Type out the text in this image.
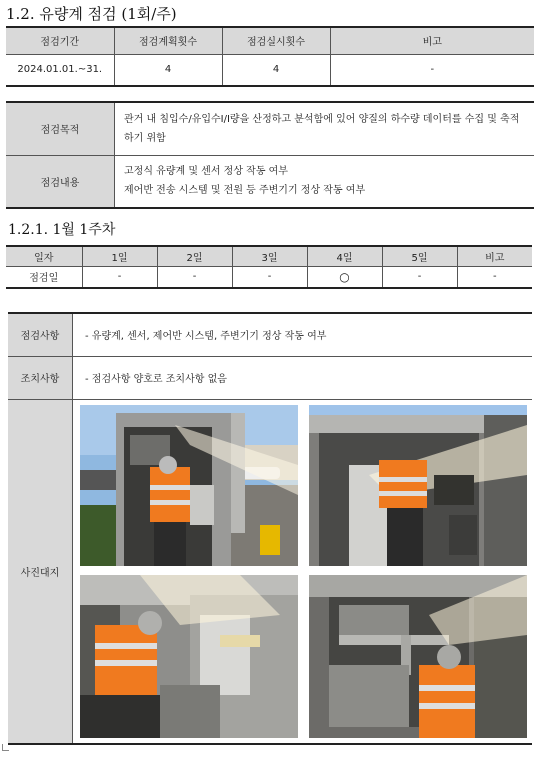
1.2. 유량계 점검 (1회/주)
점검기간	점검계획횟수	점검실시횟수	비고
2024.01.01.~31.	4	4	-
점검목적	관거 내 침입수/유입수I/I량을 산정하고 분석함에 있어 양질의 하수량 데이터를 수집 및 축적하기 위함
점검내용	고정식 유량계 및 센서 정상 작동 여부
제어반 전송 시스템 및 전원 등 주변기기 정상 작동 여부
1.2.1. 1월 1주차
일자	1일	2일	3일	4일	5일	비고
점검일	-	-	-	○	-	-
점검사항	- 유량계, 센서, 제어반 시스템, 주변기기 정상 작동 여부
조치사항	- 점검사항 양호로 조치사항 없음
사진대지	
